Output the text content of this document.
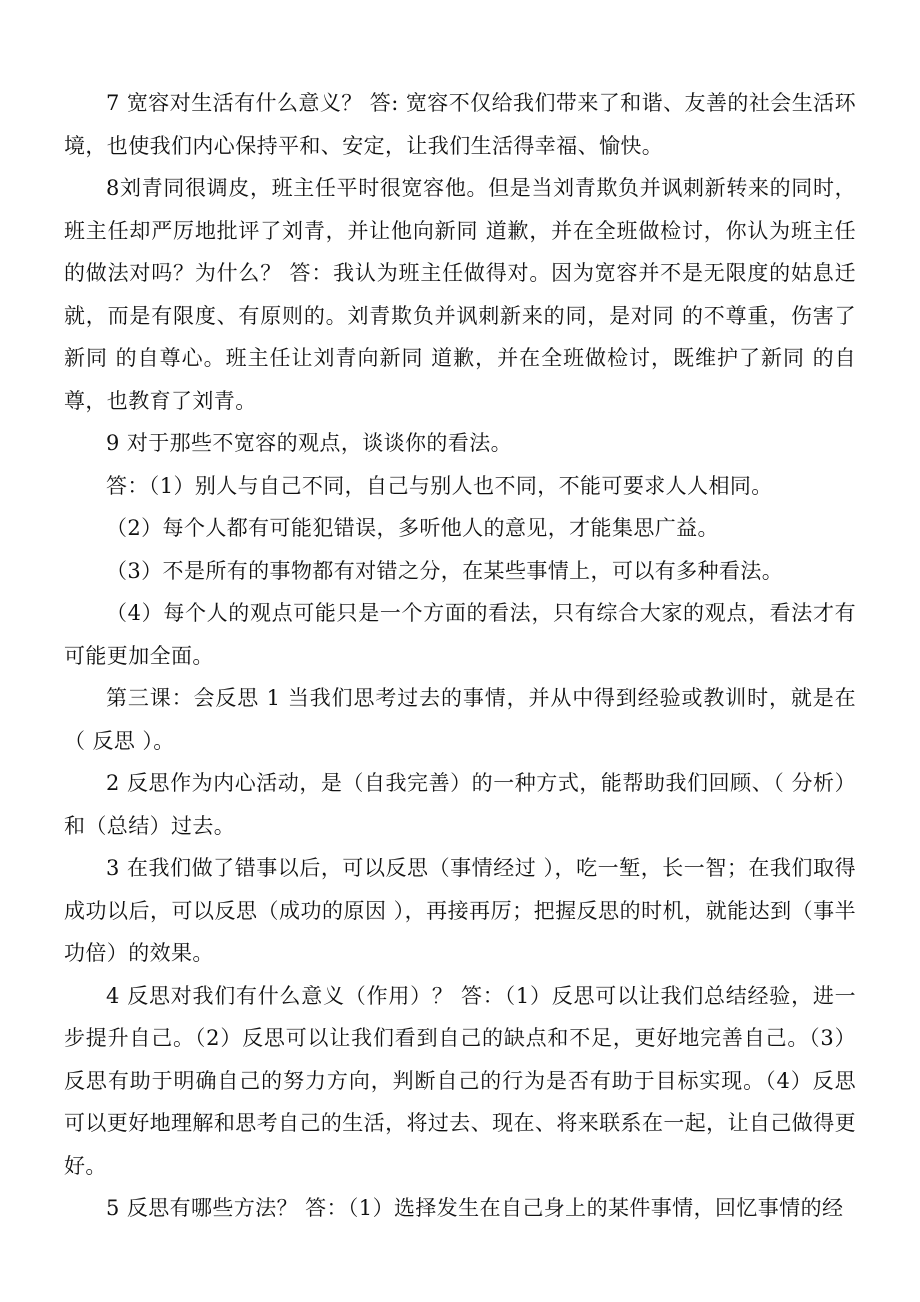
7 宽容对生活有什么意义？ 答: 宽容不仅给我们带来了和谐、友善的社会生活环境，也使我们内心保持平和、安定，让我们生活得幸福、愉快。

8刘青同很调皮，班主任平时很宽容他。但是当刘青欺负并讽刺新转来的同时，班主任却严厉地批评了刘青，并让他向新同 道歉，并在全班做检讨，你认为班主任的做法对吗？为什么？ 答：我认为班主任做得对。因为宽容并不是无限度的姑息迁就，而是有限度、有原则的。刘青欺负并讽刺新来的同，是对同 的不尊重，伤害了新同 的自尊心。班主任让刘青向新同 道歉，并在全班做检讨，既维护了新同 的自尊，也教育了刘青。

9 对于那些不宽容的观点，谈谈你的看法。

答：（1）别人与自己不同，自己与别人也不同，不能可要求人人相同。

（2）每个人都有可能犯错误，多听他人的意见，才能集思广益。

（3）不是所有的事物都有对错之分，在某些事情上，可以有多种看法。

（4）每个人的观点可能只是一个方面的看法，只有综合大家的观点，看法才有可能更加全面。

第三课：会反思 1 当我们思考过去的事情，并从中得到经验或教训时，就是在（ 反思 ）。

2 反思作为内心活动，是（自我完善）的一种方式，能帮助我们回顾、（ 分析）和（总结）过去。

3 在我们做了错事以后，可以反思（事情经过 ），吃一堑，长一智；在我们取得成功以后，可以反思（成功的原因 ），再接再厉；把握反思的时机，就能达到（事半功倍）的效果。

4 反思对我们有什么意义（作用）？ 答：（1）反思可以让我们总结经验，进一步提升自己。（2）反思可以让我们看到自己的缺点和不足，更好地完善自己。（3）反思有助于明确自己的努力方向，判断自己的行为是否有助于目标实现。（4）反思可以更好地理解和思考自己的生活，将过去、现在、将来联系在一起，让自己做得更好。

5 反思有哪些方法？ 答：（1）选择发生在自己身上的某件事情，回忆事情的经
